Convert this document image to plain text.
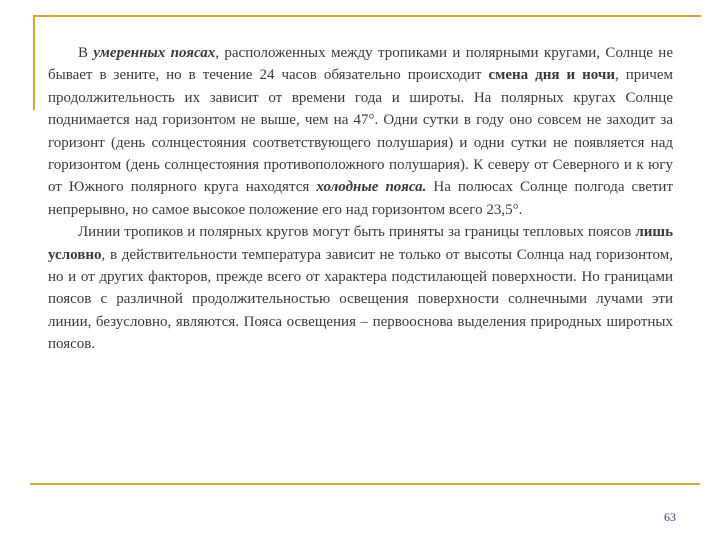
В умеренных поясах, расположенных между тропиками и полярными кругами, Солнце не бывает в зените, но в течение 24 часов обязательно происходит смена дня и ночи, причем продолжительность их зависит от времени года и широты. На полярных кругах Солнце поднимается над горизонтом не выше, чем на 47°. Одни сутки в году оно совсем не заходит за горизонт (день солнцестояния соответствующего полушария) и одни сутки не появляется над горизонтом (день солнцестояния противоположного полушария). К северу от Северного и к югу от Южного полярного круга находятся холодные пояса. На полюсах Солнце полгода светит непрерывно, но самое высокое положение его над горизонтом всего 23,5°.

Линии тропиков и полярных кругов могут быть приняты за границы тепловых поясов лишь условно, в действительности температура зависит не только от высоты Солнца над горизонтом, но и от других факторов, прежде всего от характера подстилающей поверхности. Но границами поясов с различной продолжительностью освещения поверхности солнечными лучами эти линии, безусловно, являются. Пояса освещения – первооснова выделения природных широтных поясов.

63
